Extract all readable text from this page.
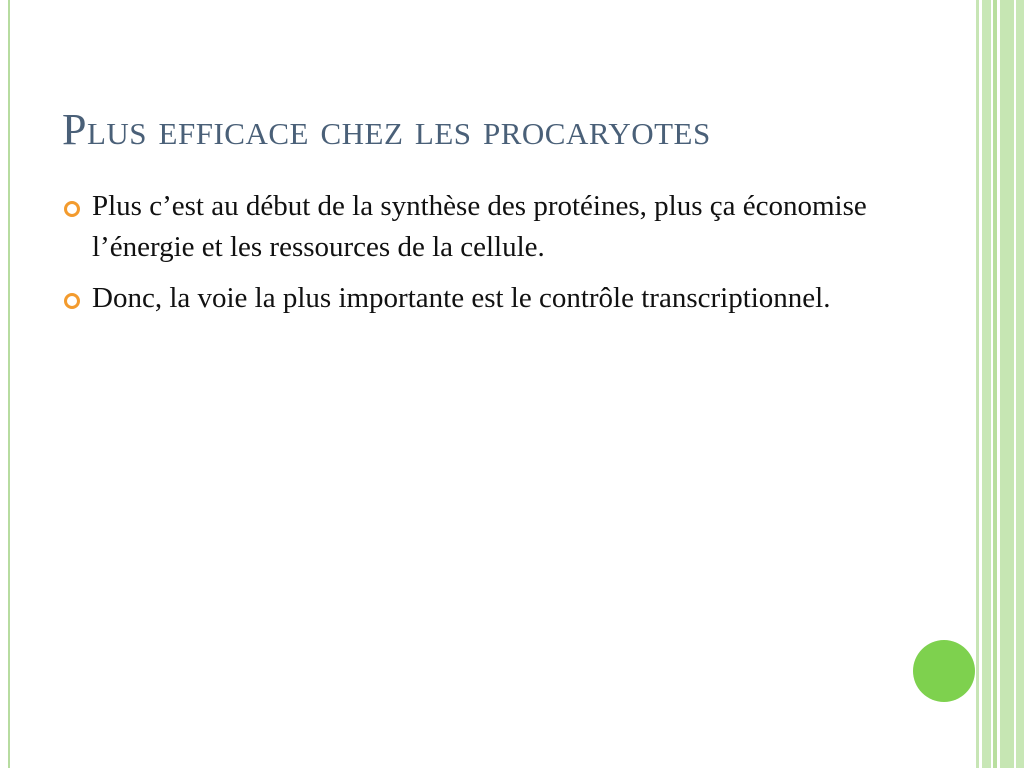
Plus efficace chez les procaryotes
Plus c’est au début de la synthèse des protéines, plus ça économise l’énergie et les ressources de la cellule.
Donc, la voie la plus importante est le contrôle transcriptionnel.
